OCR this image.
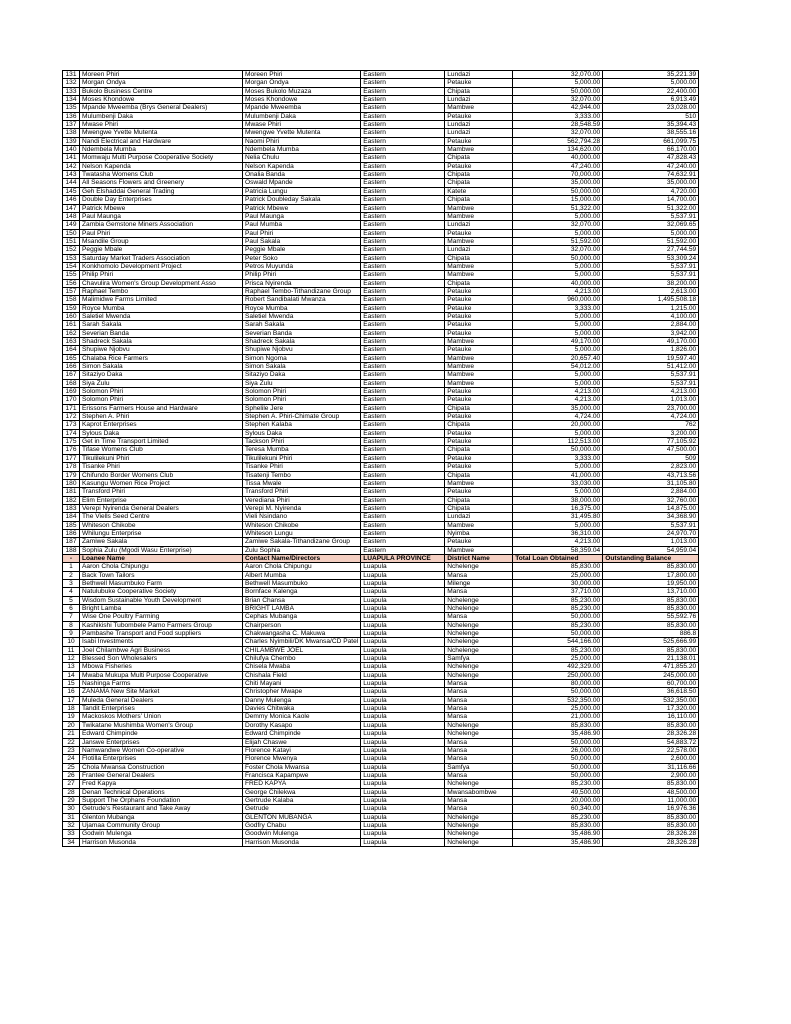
131	Moreen Phiri	Moreen Phiri	Eastern	Lundazi	32,070.00	35,221.39
132	Morgan Ondya	Morgan Ondya	Eastern	Petauke	5,000.00	5,000.00
133	Bukolo Business Centre	Moses Bukolo Muzaza	Eastern	Chipata	50,000.00	22,400.00
134	Moses Khondowe	Moses Khondowe	Eastern	Lundazi	32,070.00	6,913.49
135	Mpande Mweemba (Brys General Dealers)	Mpande Mweemba	Eastern	Mambwe	42,944.00	23,028.00
136	Mulumbenji Daka	Mulumbenji Daka	Eastern	Petauke	3,333.00	510
137	Mwase Phiri	Mwase Phiri	Eastern	Lundazi	28,548.59	35,394.43
138	Mwengwe Yvette Mutenta	Mwengwe Yvette Mutenta	Eastern	Lundazi	32,070.00	38,555.16
139	Nandi Electrical and Hardware	Naomi Phiri	Eastern	Petauke	562,794.28	661,099.75
140	Ndembela Mumba	Ndembela Mumba	Eastern	Mambwe	134,620.00	66,170.00
141	Momwaju Multi Purpose Cooperative Society	Nelia Chulu	Eastern	Chipata	40,000.00	47,828.43
142	Nelson Kapenda	Nelson Kapenda	Eastern	Petauke	47,240.00	47,240.00
143	Twatasha Womens Club	Onalia Banda	Eastern	Chipata	70,000.00	74,632.91
144	All Seasons Flowers and Greenery	Oswald Mpande	Eastern	Chipata	35,000.00	35,000.00
145	Geh Elshaddai General Trading	Patricia Lungu	Eastern	Katete	50,000.00	4,720.00
146	Double Day Enterprises	Patrick Doubleday Sakala	Eastern	Chipata	15,000.00	14,700.00
147	Patrick Mbewe	Patrick Mbewe	Eastern	Mambwe	51,322.00	51,322.00
148	Paul Maunga	Paul Maunga	Eastern	Mambwe	5,000.00	5,537.91
149	Zambia Gemstone Miners Association	Paul Mumba	Eastern	Lundazi	32,070.00	32,069.65
150	Paul Phiri	Paul Phiri	Eastern	Petauke	5,000.00	5,000.00
151	Msandile Group	Paul Sakala	Eastern	Mambwe	51,592.00	51,592.00
152	Peggie Mbale	Peggie Mbale	Eastern	Lundazi	32,070.00	27,744.59
153	Saturday Market Traders Association	Peter Soko	Eastern	Chipata	50,000.00	53,309.24
154	Konkhomolo Development Project	Petros Muyunda	Eastern	Mambwe	5,000.00	5,537.91
155	Philip Phiri	Philip Phiri	Eastern	Mambwe	5,000.00	5,537.91
156	Chavulira Women's Group Development Asso	Prisca Nyirenda	Eastern	Chipata	40,000.00	38,200.00
157	Raphael Tembo	Raphael Tembo-Tithandizane Group	Eastern	Petauke	4,213.00	2,613.00
158	Malimidwe Farms Limited	Robert Sandibalati Mwanza	Eastern	Petauke	960,000.00	1,495,508.18
159	Royce Mumba	Royce Mumba	Eastern	Petauke	3,333.00	1,215.00
160	Saletiel Mwenda	Saletiel Mwenda	Eastern	Petauke	5,000.00	4,100.00
161	Sarah Sakala	Sarah Sakala	Eastern	Petauke	5,000.00	2,884.00
162	Severian Banda	Severian Banda	Eastern	Petauke	5,000.00	3,942.00
163	Shadreck Sakala	Shadreck Sakala	Eastern	Mambwe	49,170.00	49,170.00
164	Shupiwe Njobvu	Shupiwe Njobvu	Eastern	Petauke	5,000.00	1,826.00
165	Chalaba Rice Farmers	Simon Ngoma	Eastern	Mambwe	20,657.40	19,597.40
166	Simon Sakala	Simon Sakala	Eastern	Mambwe	54,012.00	51,412.00
167	Sitaziyo Daka	Sitaziyo Daka	Eastern	Mambwe	5,000.00	5,537.91
168	Siya Zulu	Siya Zulu	Eastern	Mambwe	5,000.00	5,537.91
169	Solomon Phiri	Solomon Phiri	Eastern	Petauke	4,213.00	4,213.00
170	Solomon Phiri	Solomon Phiri	Eastern	Petauke	4,213.00	1,013.00
171	Erissons Farmers House and Hardware	Sphelile Jere	Eastern	Chipata	35,000.00	23,700.00
172	Stephen A. Phiri	Stephen A. Phiri-Chimate Group	Eastern	Petauke	4,724.00	4,724.00
173	Kaprot Enterprises	Stephen Kalaba	Eastern	Chipata	20,000.00	762
174	Sylous Daka	Sylous Daka	Eastern	Petauke	5,000.00	3,200.00
175	Get in Time Transport Limited	Tackson Phiri	Eastern	Petauke	112,513.00	77,105.92
176	Tifase Womens Club	Teresa Mumba	Eastern	Chipata	50,000.00	47,500.00
177	Tikulilekuni Phiri	Tikulilekuni Phiri	Eastern	Petauke	3,333.00	509
178	Tisanke Phiri	Tisanke Phiri	Eastern	Petauke	5,000.00	2,823.00
179	Chifundo Border Womens Club	Tisatenji Tembo	Eastern	Chipata	41,000.00	43,713.56
180	Kasungu Women Rice Project	Tissa Mwale	Eastern	Mambwe	33,030.00	31,105.80
181	Transford Phiri	Transford Phiri	Eastern	Petauke	5,000.00	2,884.00
182	Elim Enterprise	Verediana Phiri	Eastern	Chipata	38,000.00	32,760.00
183	Verepi Nyirenda General Dealers	Verepi M. Nyirenda	Eastern	Chipata	16,375.00	14,875.00
184	The Viells Seed Centre	Vieli Nsindano	Eastern	Lundazi	31,495.80	34,368.90
185	Whiteson Chikobe	Whiteson Chikobe	Eastern	Mambwe	5,000.00	5,537.91
186	Whilungu Enterprise	Whiteson Lungu	Eastern	Nyimba	36,310.00	24,970.70
187	Zamiwe Sakala	Zamiwe Sakala-Tithandizane Group	Eastern	Petauke	4,213.00	1,013.00
188	Sophia Zulu (Mgodi Wasu Enterprise)	Zulu Sophia	Eastern	Mambwe	58,359.04	54,959.04
-	Loanee Name	Contact Name/Directors	LUAPULA PROVINCE	District Name	Total Loan Obtained	Outstanding Balance
1	Aaron Chola Chipungu	Aaron Chola Chipungu	Luapula	Nchelenge	85,830.00	85,830.00
2	Back Town Tailors	Albert Mumba	Luapula	Mansa	25,000.00	17,800.00
3	Bethwell Masumbuko Farm	Bethwell Masumbuko	Luapula	Milenge	30,000.00	19,950.00
4	Natulubuke Cooperative Society	Bornface Kalenga	Luapula	Mansa	37,710.00	13,710.00
5	Wisdom Sustainable Youth Development	Brian Chansa	Luapula	Nchelenge	85,230.00	85,830.00
6	Bright Lamba	BRIGHT LAMBA	Luapula	Nchelenge	85,230.00	85,830.00
7	Wise One Poultry Farming	Cephas Mubanga	Luapula	Mansa	50,000.00	55,592.76
8	Kashikishi Tubombele Pamo Farmers Group	Chairperson	Luapula	Nchelenge	85,230.00	85,830.00
9	Pambashe Transport and Food suppliers	Chakwangasha C. Makuwa	Luapula	Nchelenge	50,000.00	886.8
10	Isabi Investments	Charles Nyimbili/DK Mwansa/CD Patel	Luapula	Nchelenge	544,166.00	525,666.99
11	Joel Chilambwe Agri Business	CHILAMBWE JOEL	Luapula	Nchelenge	85,230.00	85,830.00
12	Blessed Son Wholesalers	Chilufya Chembo	Luapula	Samfya	25,000.00	21,138.01
13	Mbowa Fisheries	Chisela Mwaba	Luapula	Nchelenge	492,329.00	471,855.20
14	Mwaba Mukupa Multi Purpose Cooperative	Chishala Field	Luapula	Nchelenge	250,000.00	245,000.00
15	Nashinga Farms	Chiti Mayani	Luapula	Mansa	80,000.00	60,700.00
16	ZANAMA New Site Market	Christopher Mwape	Luapula	Mansa	50,000.00	36,618.50
17	Muleda General Dealers	Danny Mulenga	Luapula	Mansa	532,350.00	532,350.00
18	Tandit Enterprises	Davies Chitwaka	Luapula	Mansa	25,000.00	17,320.00
19	Mackoskos Mothers' Union	Demmy Monica Kaole	Luapula	Mansa	21,000.00	16,110.00
20	Twikatane Mushimba Women's Group	Dorothy Kasapo	Luapula	Nchelenge	85,830.00	85,830.00
21	Edward Chimpinde	Edward Chimpinde	Luapula	Nchelenge	35,486.90	28,326.28
22	Janswe Enterprises	Elijah Chaswe	Luapula	Mansa	50,000.00	54,883.72
23	Namwandwe Women Co-operative	Florence Katayi	Luapula	Mansa	26,000.00	22,578.00
24	Flotilla Enterprises	Florence Mwenya	Luapula	Mansa	50,000.00	2,600.00
25	Chola Mwansa Construction	Foster Chola Mwansa	Luapula	Samfya	50,000.00	31,116.66
26	Frantee General Dealers	Francisca Kapampwe	Luapula	Mansa	50,000.00	2,900.00
27	Fred Kapya	FRED KAPYA	Luapula	Nchelenge	85,230.00	85,830.00
28	Denan Technical Operations	George Chilekwa	Luapula	Mwansabombwe	49,500.00	48,500.00
29	Support The Orphans Foundation	Gertrude Kalaba	Luapula	Mansa	20,000.00	11,000.00
30	Getrude's Restaurant and Take Away	Getrude	Luapula	Mansa	60,340.00	16,976.36
31	Glenton Mubanga	GLENTON MUBANGA	Luapula	Nchelenge	85,230.00	85,830.00
32	Ujamaa Community Group	Godfry Chabu	Luapula	Nchelenge	85,830.00	85,830.00
33	Godwin Mulenga	Goodwin Mulenga	Luapula	Nchelenge	35,486.90	28,326.28
34	Harrison Musonda	Harrison Musonda	Luapula	Nchelenge	35,486.90	28,326.28
